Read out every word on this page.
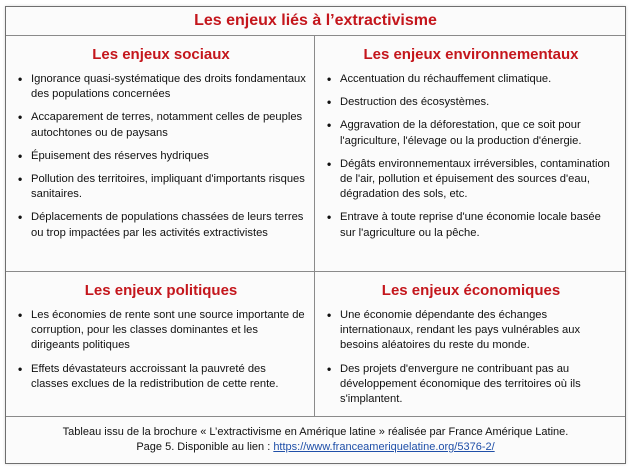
Les enjeux liés à l’extractivisme
Les enjeux sociaux
• Ignorance quasi-systématique des droits fondamentaux des populations concernées
• Accaparement de terres, notamment celles de peuples autochtones ou de paysans
• Épuisement des réserves hydriques
• Pollution des territoires, impliquant d'importants risques sanitaires.
• Déplacements de populations chassées de leurs terres ou trop impactées par les activités extractivistes
Les enjeux environnementaux
• Accentuation du réchauffement climatique.
• Destruction des écosystèmes.
• Aggravation de la déforestation, que ce soit pour l'agriculture, l'élevage ou la production d'énergie.
• Dégâts environnementaux irréversibles, contamination de l'air, pollution et épuisement des sources d'eau, dégradation des sols, etc.
• Entrave à toute reprise d'une économie locale basée sur l'agriculture ou la pêche.
Les enjeux politiques
• Les économies de rente sont une source importante de corruption, pour les classes dominantes et les dirigeants politiques
• Effets dévastateurs accroissant la pauvreté des classes exclues de la redistribution de cette rente.
Les enjeux économiques
• Une économie dépendante des échanges internationaux, rendant les pays vulnérables aux besoins aléatoires du reste du monde.
• Des projets d'envergure ne contribuant pas au développement économique des territoires où ils s'implantent.
Tableau issu de la brochure « L’extractivisme en Amérique latine » réalisée par France Amérique Latine.
Page 5. Disponible au lien : https://www.franceameriquelatine.org/5376-2/
